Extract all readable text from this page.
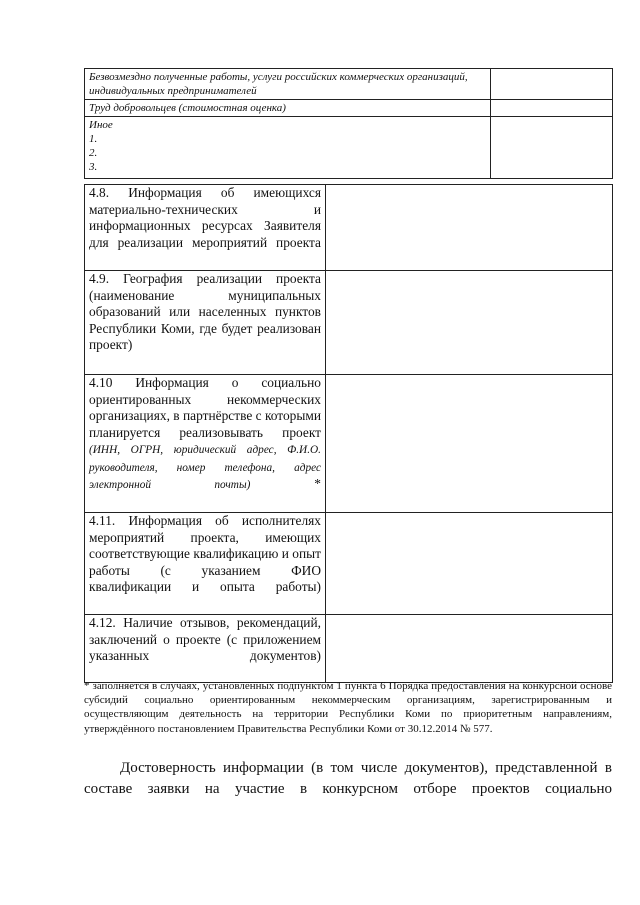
Безвозмездно полученные работы, услуги российских коммерческих организаций, индивидуальных предпринимателей	
Труд добровольцев (стоимостная оценка)	

Иное
1.
2.
3.	

4.8. Информация об имеющихся материально-технических и информационных ресурсах Заявителя для реализации мероприятий проекта	
4.9. География реализации проекта (наименование муниципальных образований или населенных пунктов Республики Коми, где будет реализован проект)	
4.10 Информация о социально ориентированных некоммерческих организациях, в партнёрстве с которыми планируется реализовывать проект (ИНН, ОГРН, юридический адрес, Ф.И.О. руководителя, номер телефона, адрес электронной почты) *	
4.11. Информация об исполнителях мероприятий проекта, имеющих соответствующие квалификацию и опыт работы (с указанием ФИО квалификации и опыта работы)	
4.12. Наличие отзывов, рекомендаций, заключений о проекте (с приложением указанных документов)	
* заполняется в случаях, установленных подпунктом 1 пункта 6 Порядка предоставления на конкурсной основе субсидий социально ориентированным некоммерческим организациям, зарегистрированным и осуществляющим деятельность на территории Республики Коми по приоритетным направлениям, утверждённого постановлением Правительства Республики Коми от 30.12.2014 № 577.
Достоверность информации (в том числе документов), представленной в
составе заявки на участие в конкурсном отборе проектов социально
